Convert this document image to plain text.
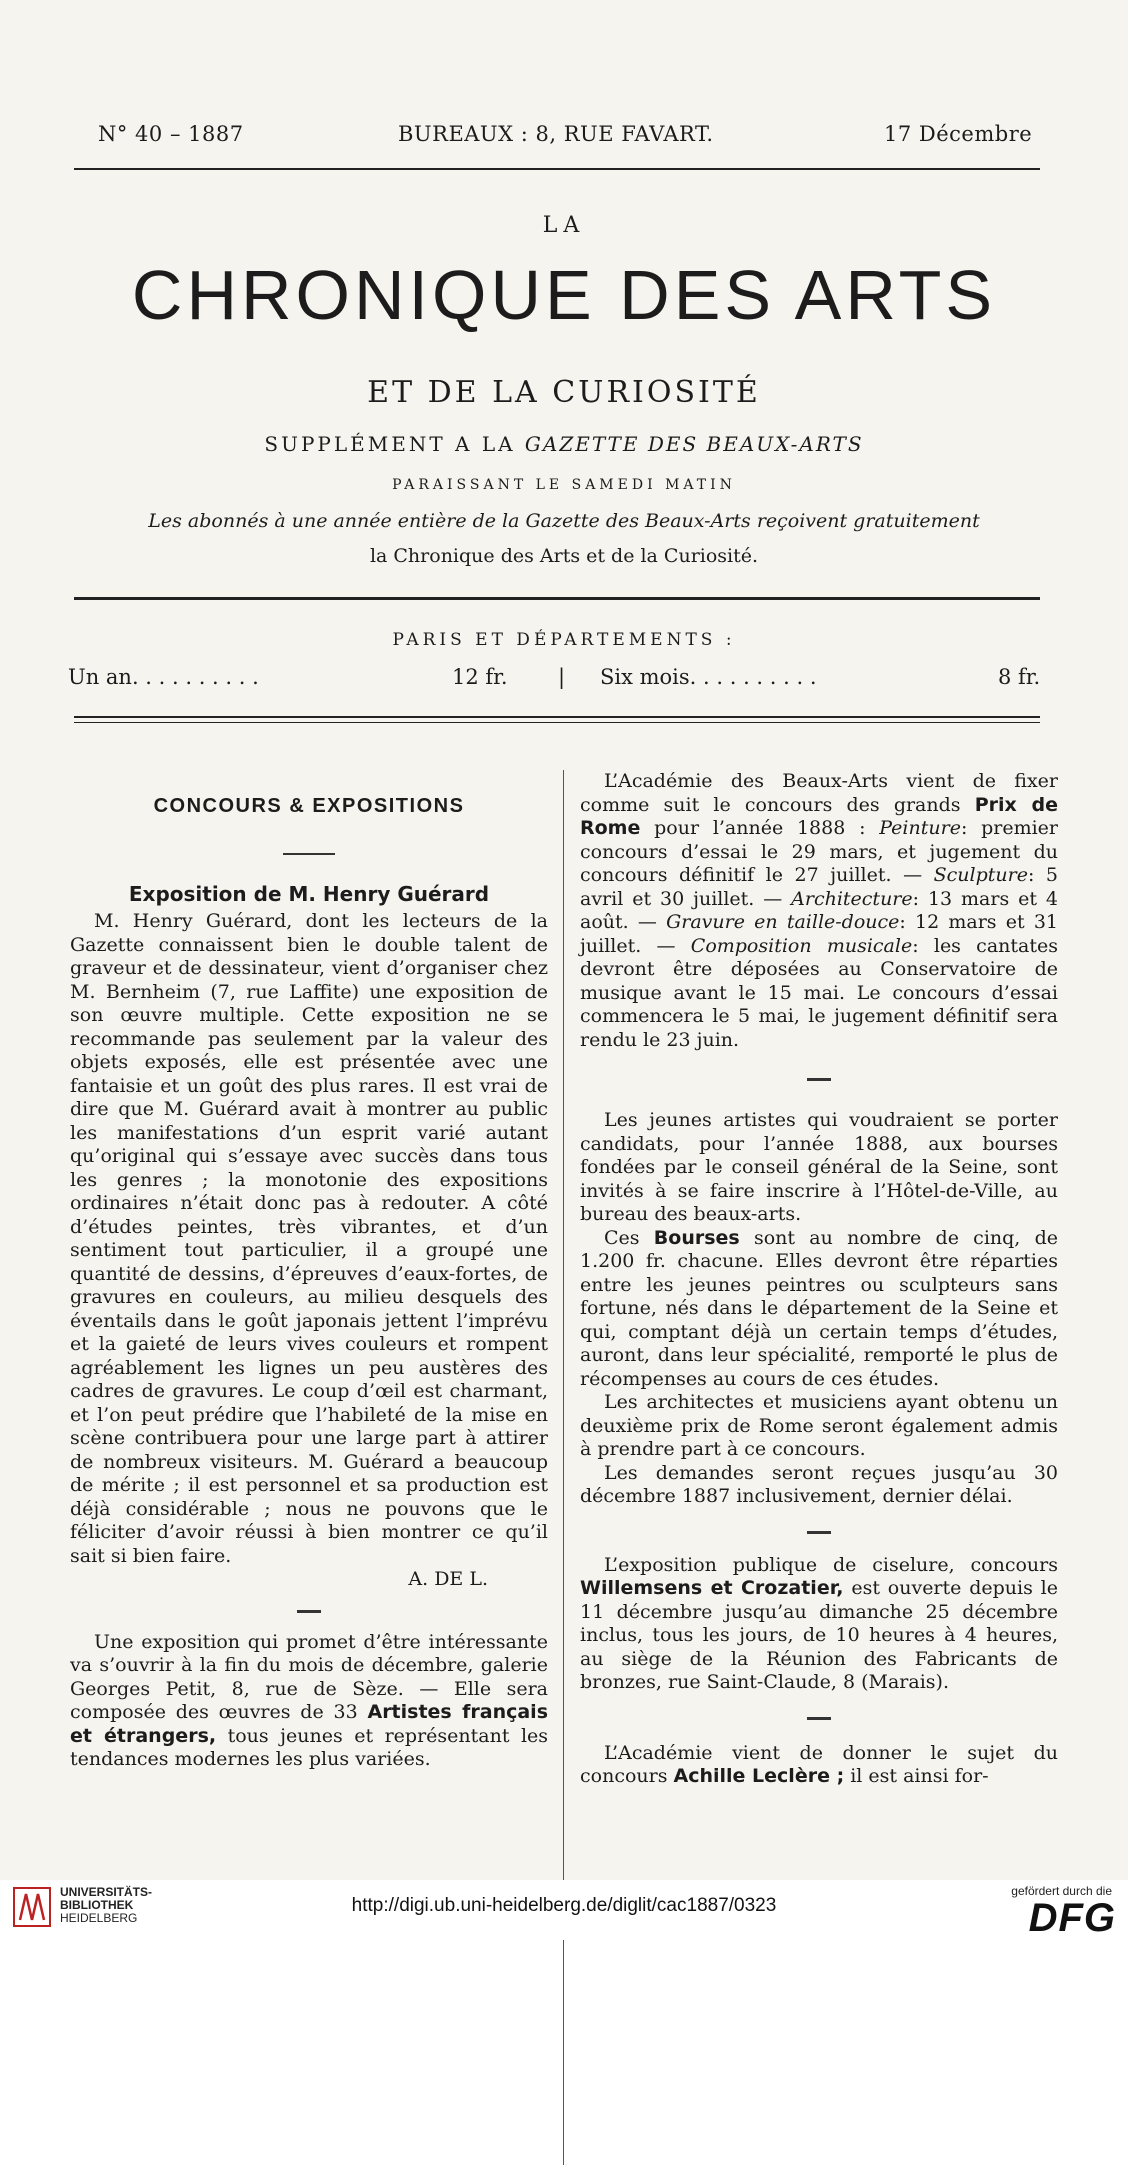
N° 40 – 1887	BUREAUX : 8, RUE FAVART.	17 Décembre
LA
CHRONIQUE DES ARTS
ET DE LA CURIOSITÉ
SUPPLÉMENT A LA GAZETTE DES BEAUX-ARTS
PARAISSANT LE SAMEDI MATIN
Les abonnés à une année entière de la Gazette des Beaux-Arts reçoivent gratuitement
la Chronique des Arts et de la Curiosité.
PARIS ET DÉPARTEMENTS :
Un an. . . . . . . . . .	12 fr. | Six mois. . . . . . . . . .	8 fr.

CONCOURS & EXPOSITIONS

Exposition de M. Henry Guérard

M. Henry Guérard, dont les lecteurs de la Gazette connaissent bien le double talent de graveur et de dessinateur, vient d’organiser chez M. Bernheim (7, rue Laffite) une exposition de son œuvre multiple. Cette exposition ne se recommande pas seulement par la valeur des objets exposés, elle est présentée avec une fantaisie et un goût des plus rares. Il est vrai de dire que M. Guérard avait à montrer au public les manifestations d’un esprit varié autant qu’original qui s’essaye avec succès dans tous les genres ; la monotonie des expositions ordinaires n’était donc pas à redouter. A côté d’études peintes, très vibrantes, et d’un sentiment tout particulier, il a groupé une quantité de dessins, d’épreuves d’eaux-fortes, de gravures en couleurs, au milieu desquels des éventails dans le goût japonais jettent l’imprévu et la gaieté de leurs vives couleurs et rompent agréablement les lignes un peu austères des cadres de gravures. Le coup d’œil est charmant, et l’on peut prédire que l’habileté de la mise en scène contribuera pour une large part à attirer de nombreux visiteurs. M. Guérard a beaucoup de mérite ; il est personnel et sa production est déjà considérable ; nous ne pouvons que le féliciter d’avoir réussi à bien montrer ce qu’il sait si bien faire.

A. DE L.

Une exposition qui promet d’être intéressante va s’ouvrir à la fin du mois de décembre, galerie Georges Petit, 8, rue de Sèze. — Elle sera composée des œuvres de 33 Artistes français et étrangers, tous jeunes et représentant les tendances modernes les plus variées.

L’Académie des Beaux-Arts vient de fixer comme suit le concours des grands Prix de Rome pour l’année 1888 : Peinture: premier concours d’essai le 29 mars, et jugement du concours définitif le 27 juillet. — Sculpture: 5 avril et 30 juillet. — Architecture: 13 mars et 4 août. — Gravure en taille-douce: 12 mars et 31 juillet. — Composition musicale: les cantates devront être déposées au Conservatoire de musique avant le 15 mai. Le concours d’essai commencera le 5 mai, le jugement définitif sera rendu le 23 juin.

Les jeunes artistes qui voudraient se porter candidats, pour l’année 1888, aux bourses fondées par le conseil général de la Seine, sont invités à se faire inscrire à l’Hôtel-de-Ville, au bureau des beaux-arts.

Ces Bourses sont au nombre de cinq, de 1.200 fr. chacune. Elles devront être réparties entre les jeunes peintres ou sculpteurs sans fortune, nés dans le département de la Seine et qui, comptant déjà un certain temps d’études, auront, dans leur spécialité, remporté le plus de récompenses au cours de ces études.

Les architectes et musiciens ayant obtenu un deuxième prix de Rome seront également admis à prendre part à ce concours.

Les demandes seront reçues jusqu’au 30 décembre 1887 inclusivement, dernier délai.

L’exposition publique de ciselure, concours Willemsens et Crozatier, est ouverte depuis le 11 décembre jusqu’au dimanche 25 décembre inclus, tous les jours, de 10 heures à 4 heures, au siège de la Réunion des Fabricants de bronzes, rue Saint-Claude, 8 (Marais).

L’Académie vient de donner le sujet du concours Achille Leclère ; il est ainsi for-

UNIVERSITÄTS-
BIBLIOTHEK
HEIDELBERG
http://digi.ub.uni-heidelberg.de/diglit/cac1887/0323
gefördert durch die
DFG
